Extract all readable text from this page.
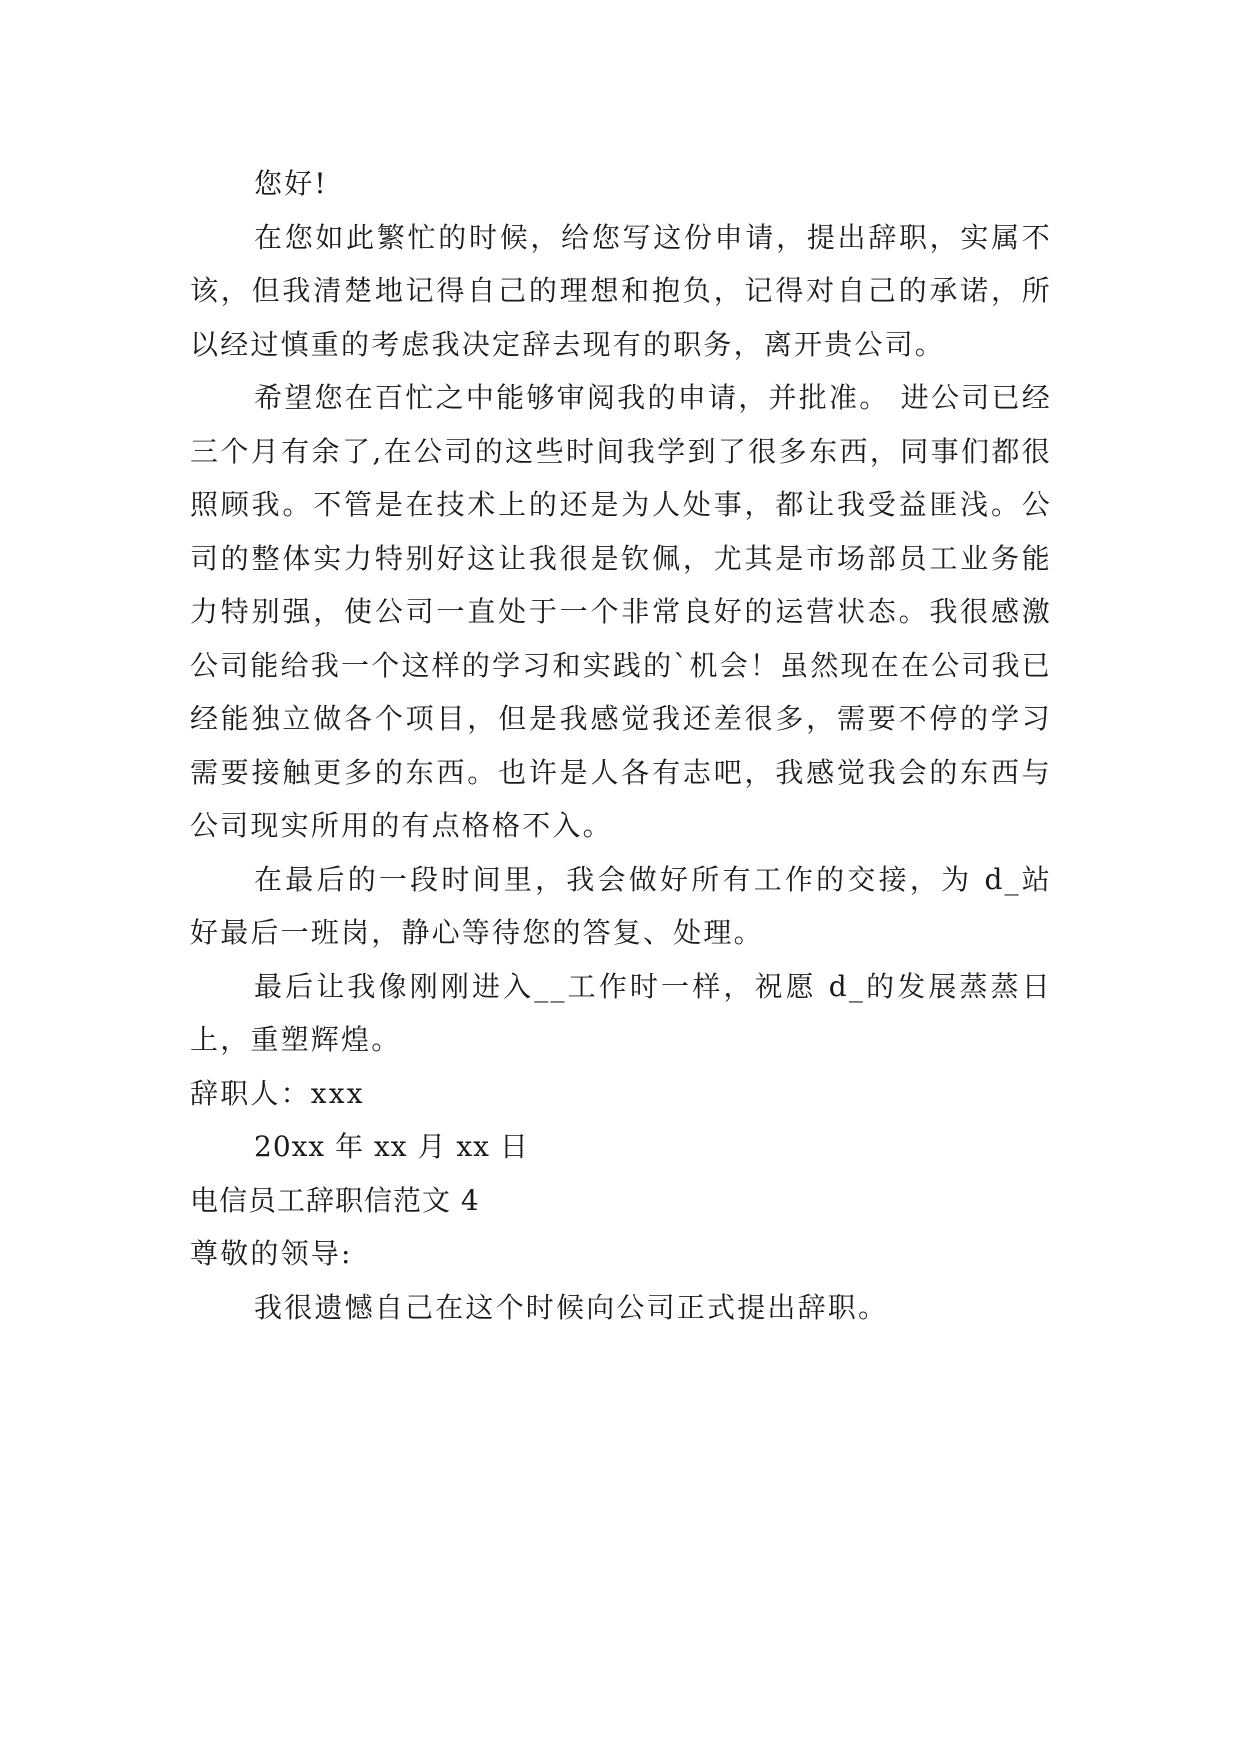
您好!

在您如此繁忙的时候，给您写这份申请，提出辞职，实属不该，但我清楚地记得自己的理想和抱负，记得对自己的承诺，所以经过慎重的考虑我决定辞去现有的职务，离开贵公司。

希望您在百忙之中能够审阅我的申请，并批准。 进公司已经三个月有余了,在公司的这些时间我学到了很多东西，同事们都很照顾我。不管是在技术上的还是为人处事，都让我受益匪浅。公司的整体实力特别好这让我很是钦佩，尤其是市场部员工业务能力特别强，使公司一直处于一个非常良好的运营状态。我很感激公司能给我一个这样的学习和实践的`机会！虽然现在在公司我已经能独立做各个项目，但是我感觉我还差很多，需要不停的学习需要接触更多的东西。也许是人各有志吧，我感觉我会的东西与公司现实所用的有点格格不入。

在最后的一段时间里，我会做好所有工作的交接，为 d_站好最后一班岗，静心等待您的答复、处理。

最后让我像刚刚进入__工作时一样，祝愿 d_的发展蒸蒸日上，重塑辉煌。

辞职人：xxx

20xx 年 xx 月 xx 日

电信员工辞职信范文 4

尊敬的领导:

我很遗憾自己在这个时候向公司正式提出辞职。
